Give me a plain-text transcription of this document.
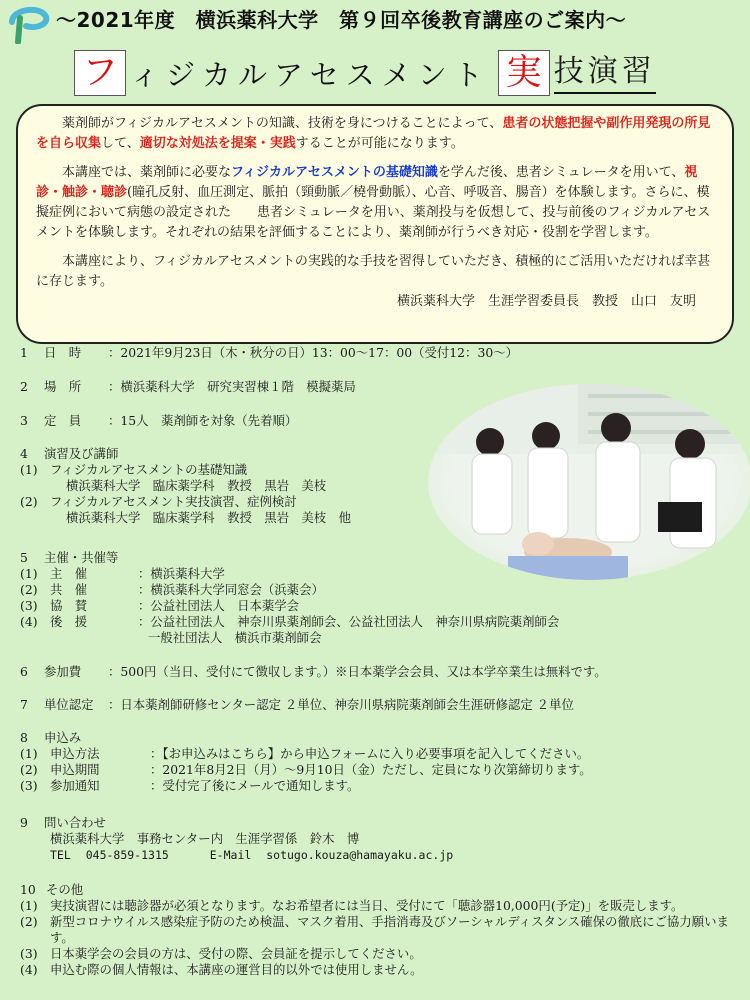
〜2021年度　横浜薬科大学　第９回卒後教育講座のご案内〜
フ ィジカルアセスメント 実 技演習

薬剤師がフィジカルアセスメントの知識、技術を身につけることによって、患者の状態把握や副作用発現の所見を自ら収集して、適切な対処法を提案・実践することが可能になります。

本講座では、薬剤師に必要なフィジカルアセスメントの基礎知識を学んだ後、患者シミュレータを用いて、視診・触診・聴診(瞳孔反射、血圧測定、脈拍（頸動脈／橈骨動脈）、心音、呼吸音、腸音）を体験します。さらに、模擬症例において病態の設定された　　患者シミュレータを用い、薬剤投与を仮想して、投与前後のフィジカルアセスメントを体験します。それぞれの結果を評価することにより、薬剤師が行うべき対応・役割を学習します。

本講座により、フィジカルアセスメントの実践的な手技を習得していただき、積極的にご活用いただければ幸甚に存じます。

横浜薬科大学　生涯学習委員長　教授　山口　友明
1	日　時	：2021年9月23日（木・秋分の日）13：00〜17：00（受付12：30〜）
2	場　所	：横浜薬科大学　研究実習棟１階　模擬薬局
3	定　員	：15人　薬剤師を対象（先着順）
4	演習及び講師
(1)	フィジカルアセスメントの基礎知識
横浜薬科大学　臨床薬学科　教授　黒岩　美枝
(2)	フィジカルアセスメント実技演習、症例検討
横浜薬科大学　臨床薬学科　教授　黒岩　美枝　他
5	主催・共催等
(1)	主　催	：横浜薬科大学
(2)	共　催	：横浜薬科大学同窓会（浜薬会）
(3)	協　賛	：公益社団法人　日本薬学会
(4)	後　援	：公益社団法人　神奈川県薬剤師会、公益社団法人　神奈川県病院薬剤師会
一般社団法人　横浜市薬剤師会
6	参加費	：500円（当日、受付にて徴収します。）※日本薬学会会員、又は本学卒業生は無料です。
7	単位認定	：日本薬剤師研修センター認定 ２単位、神奈川県病院薬剤師会生涯研修認定 ２単位
8	申込み
(1)	申込方法	：【お申込みはこちら】から申込フォームに入り必要事項を記入してください。
(2)	申込期間	：2021年8月2日（月）〜9月10日（金）ただし、定員になり次第締切ります。
(3)	参加通知	：受付完了後にメールで通知します。
9	問い合わせ
横浜薬科大学　事務センター内　生涯学習係　鈴木　博
TEL 045-859-1315	E-Mail sotugo.kouza@hamayaku.ac.jp
10 その他
(1)	実技演習には聴診器が必須となります。なお希望者には当日、受付にて「聴診器10,000円(予定)」を販売します。
(2)	新型コロナウイルス感染症予防のため検温、マスク着用、手指消毒及びソーシャルディスタンス確保の徹底にご協力願います。
(3)	日本薬学会の会員の方は、受付の際、会員証を提示してください。
(4)	申込む際の個人情報は、本講座の運営目的以外では使用しません。
